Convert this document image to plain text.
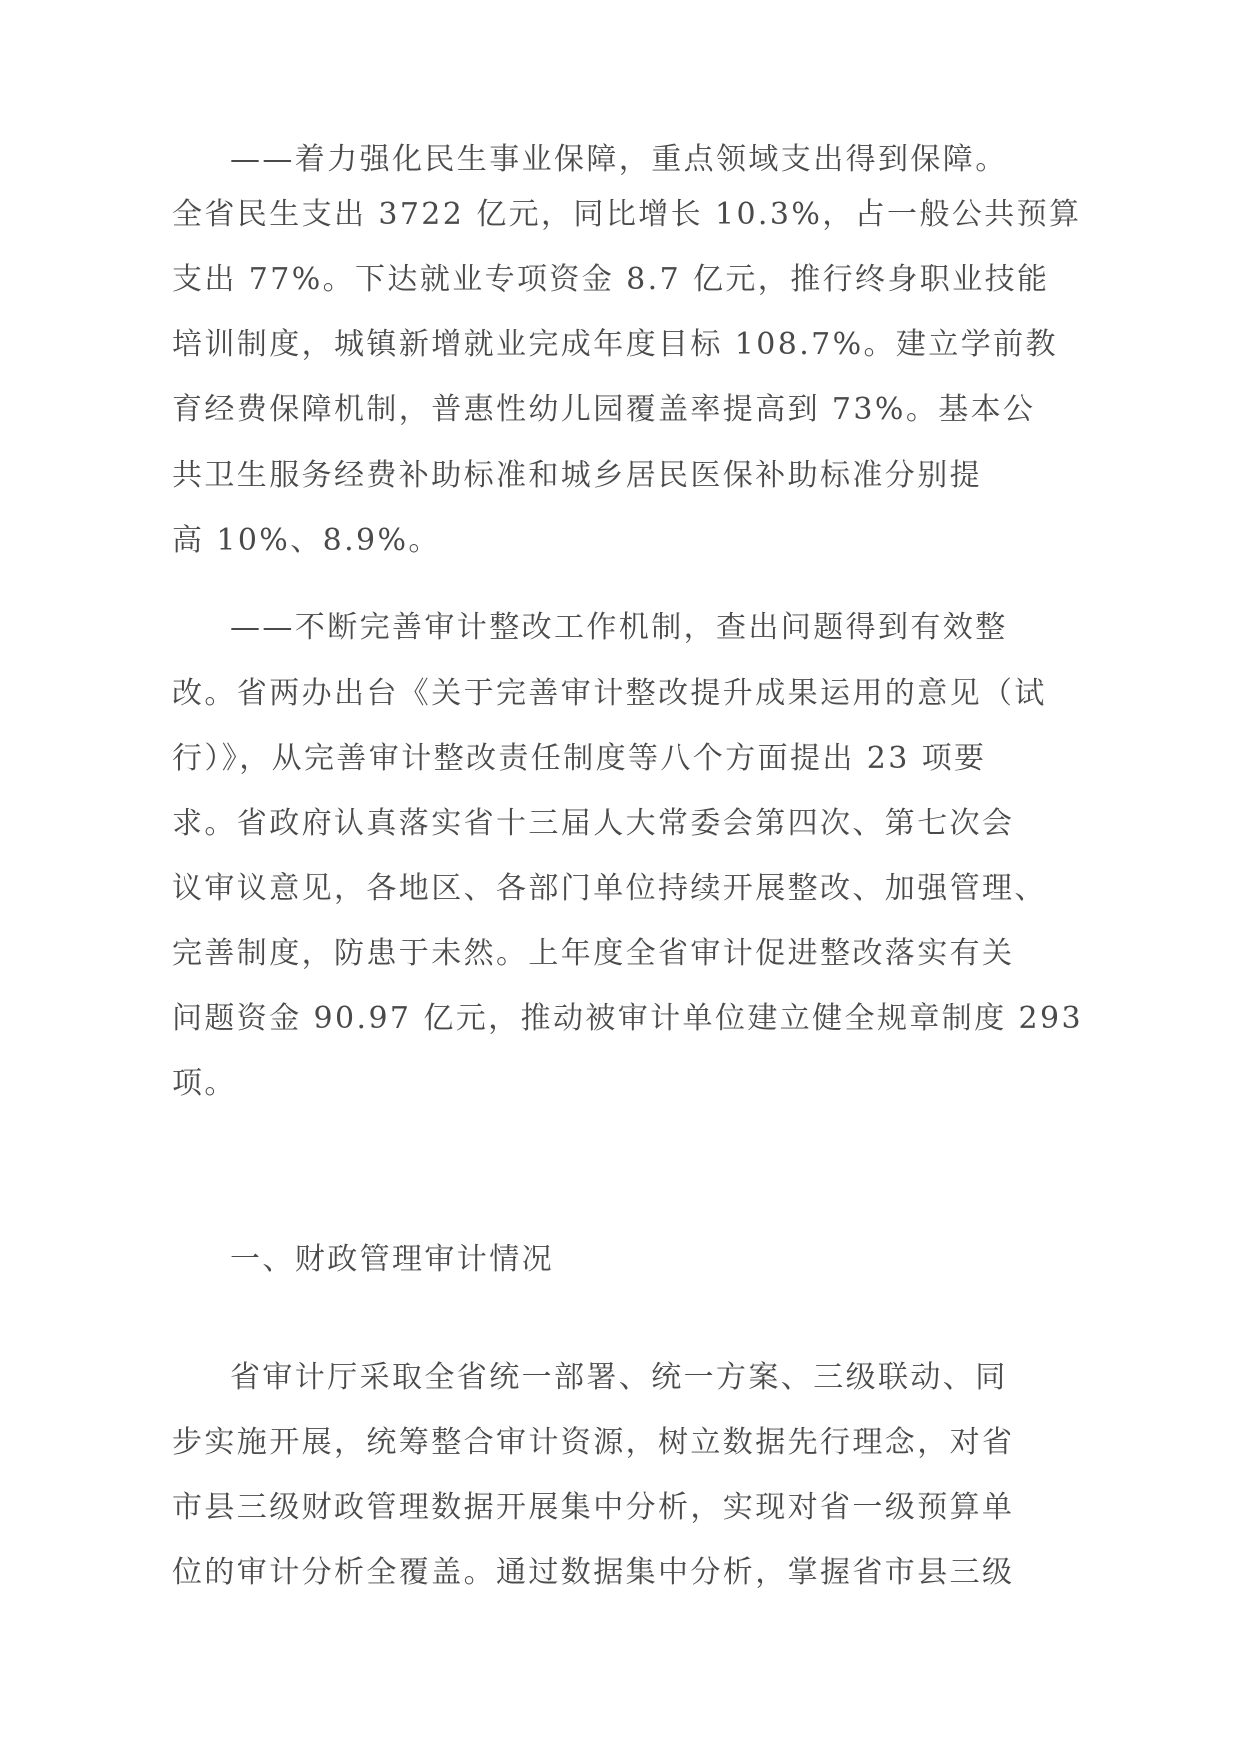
——着力强化民生事业保障，重点领域支出得到保障。
全省民生支出 3722 亿元，同比增长 10.3%，占一般公共预算
支出 77%。下达就业专项资金 8.7 亿元，推行终身职业技能
培训制度，城镇新增就业完成年度目标 108.7%。建立学前教
育经费保障机制，普惠性幼儿园覆盖率提高到 73%。基本公
共卫生服务经费补助标准和城乡居民医保补助标准分别提
高 10%、8.9%。
——不断完善审计整改工作机制，查出问题得到有效整
改。省两办出台《关于完善审计整改提升成果运用的意见（试
行）》，从完善审计整改责任制度等八个方面提出 23 项要
求。省政府认真落实省十三届人大常委会第四次、第七次会
议审议意见，各地区、各部门单位持续开展整改、加强管理、
完善制度，防患于未然。上年度全省审计促进整改落实有关
问题资金 90.97 亿元，推动被审计单位建立健全规章制度 293
项。
一、财政管理审计情况
省审计厅采取全省统一部署、统一方案、三级联动、同
步实施开展，统筹整合审计资源，树立数据先行理念，对省
市县三级财政管理数据开展集中分析，实现对省一级预算单
位的审计分析全覆盖。通过数据集中分析，掌握省市县三级
